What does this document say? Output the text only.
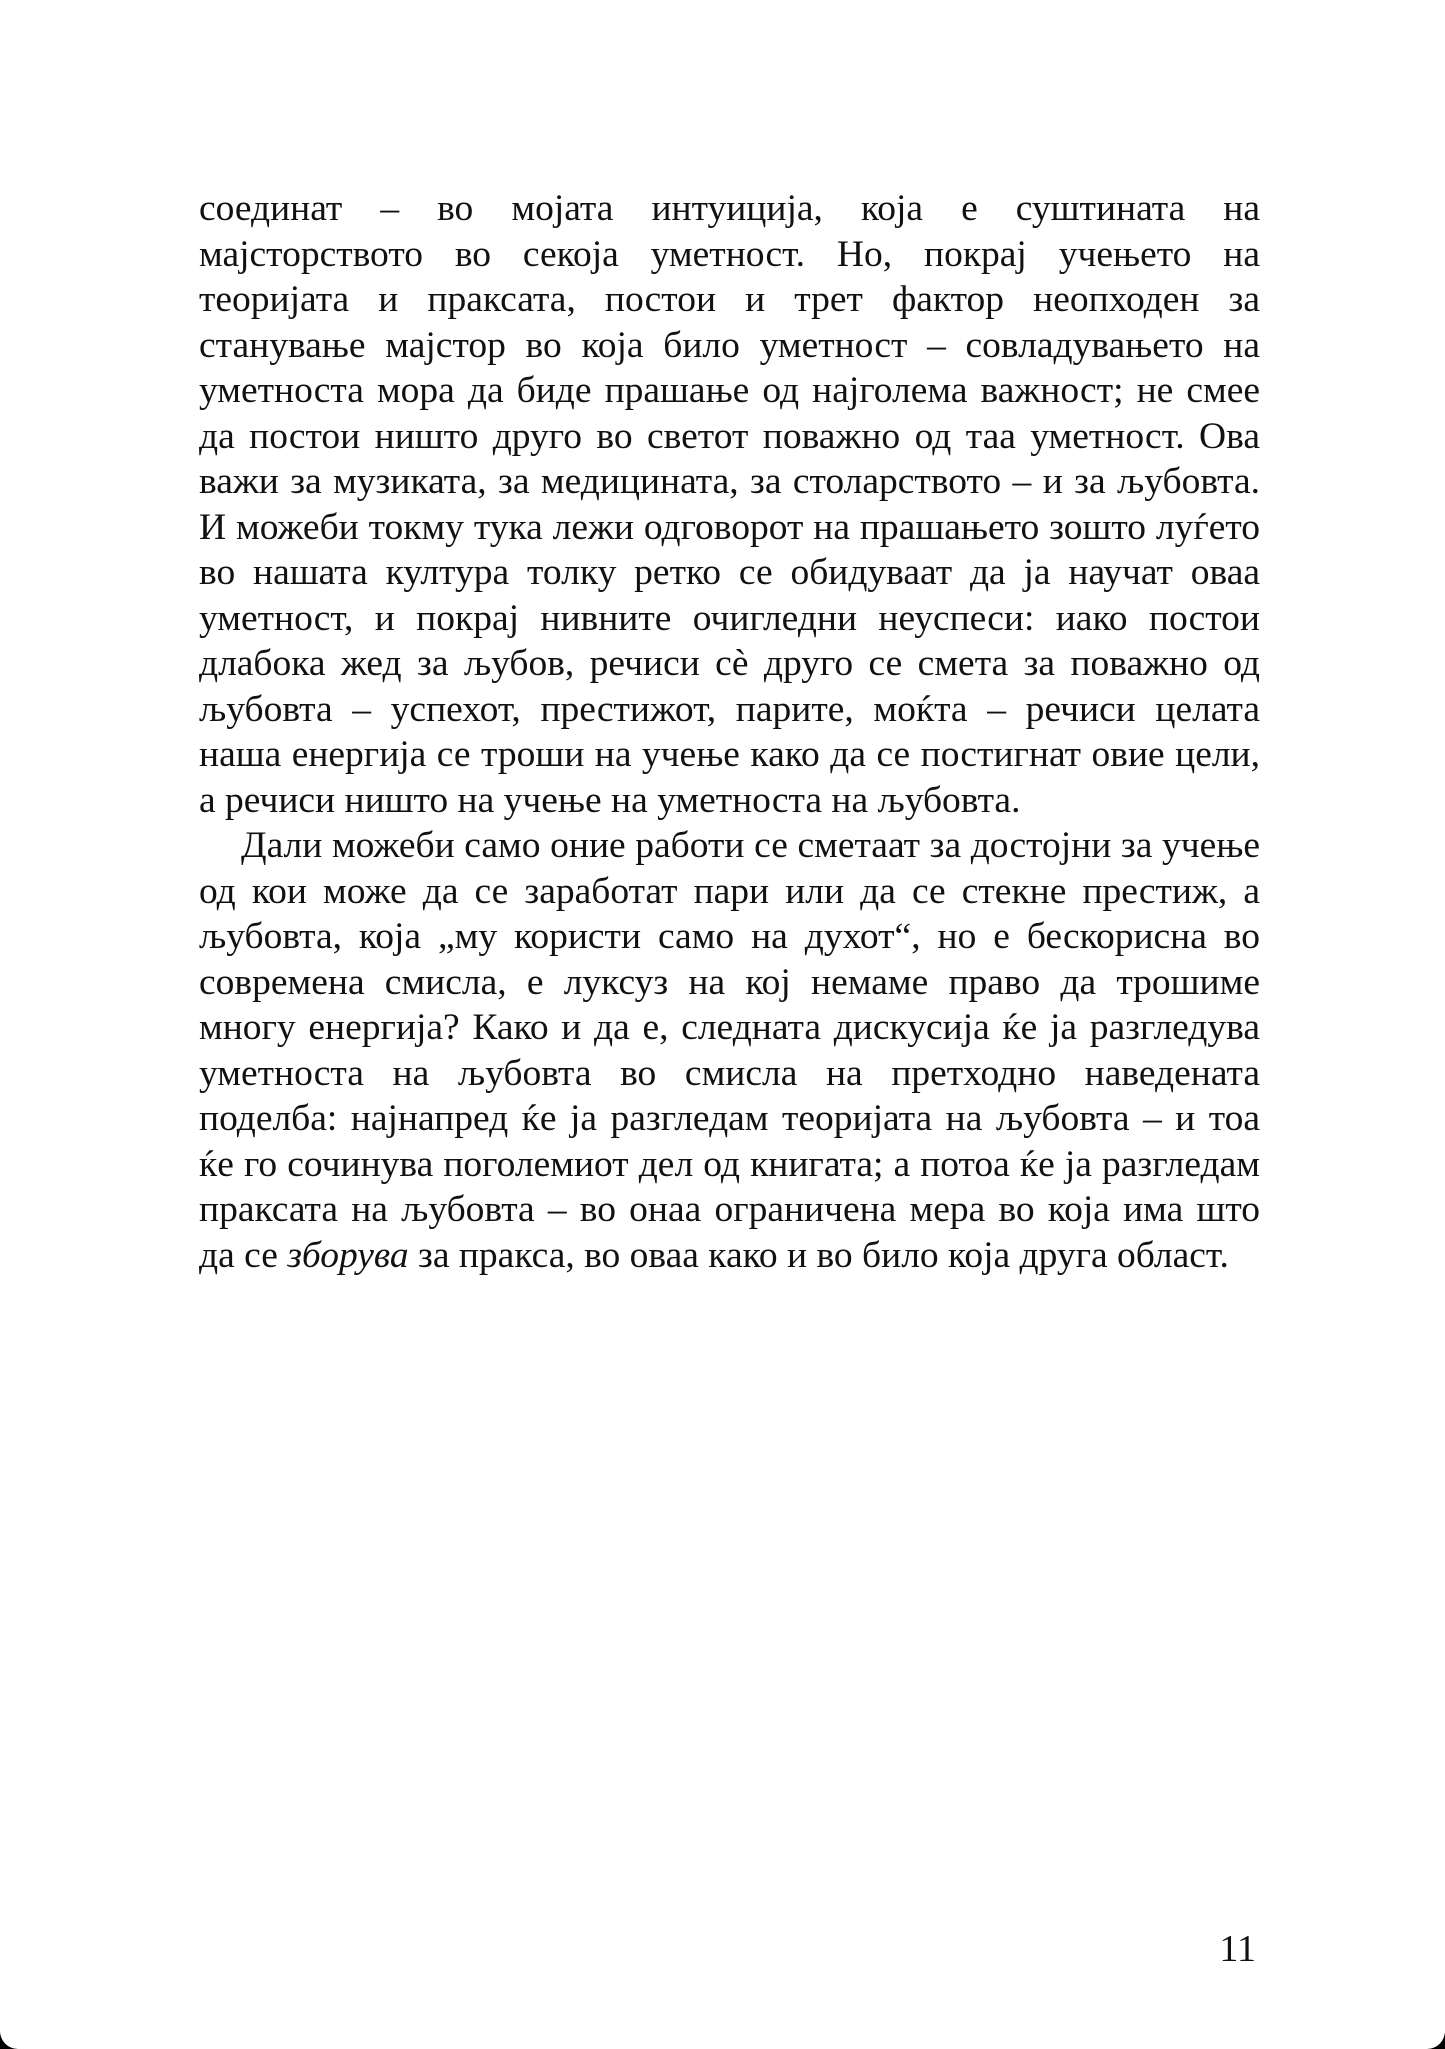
соединат – во мојата интуиција, која е суштината на мајсторството во секоја уметност. Но, покрај учењето на теоријата и праксата, постои и трет фактор неопходен за станување мајстор во која било уметност – совладувањето на уметноста мора да биде прашање од најголема важност; не смее да постои ништо друго во светот поважно од таа уметност. Ова важи за музиката, за медицината, за столарството – и за љубовта. И можеби токму тука лежи одговорот на прашањето зошто луѓето во нашата култура толку ретко се обидуваат да ја научат оваа уметност, и покрај нивните очигледни неуспеси: иако постои длабока жед за љубов, речиси сѐ друго се смета за поважно од љубовта – успехот, престижот, парите, моќта – речиси целата наша енергија се троши на учење како да се постигнат овие цели, а речиси ништо на учење на уметноста на љубовта.

Дали можеби само оние работи се сметаат за достојни за учење од кои може да се заработат пари или да се стекне престиж, а љубовта, која „му користи само на духот“, но е бескорисна во современа смисла, е луксуз на кој немаме право да трошиме многу енергија? Како и да е, следната дискусија ќе ја разгледува уметноста на љубовта во смисла на претходно наведената поделба: најнапред ќе ја разгледам теоријата на љубовта – и тоа ќе го сочинува поголемиот дел од книгата; а потоа ќе ја разгледам праксата на љубовта – во онаа ограничена мера во која има што да се зборува за пракса, во оваа како и во било која друга област.

11
